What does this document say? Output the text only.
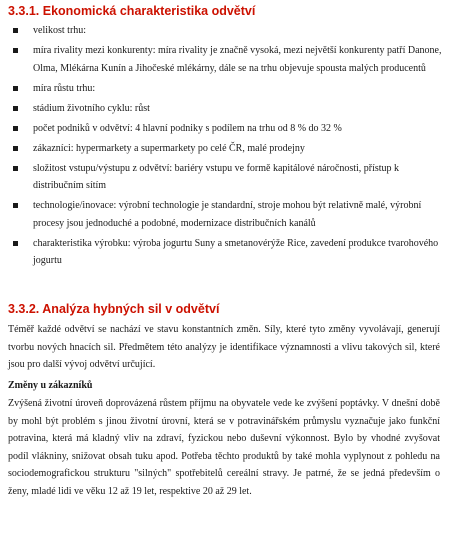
3.3.1. Ekonomická charakteristika odvětví
velikost trhu:
míra rivality mezi konkurenty: míra rivality je značně vysoká, mezi největší konkurenty patří Danone, Olma, Mlékárna Kunín a Jihočeské mlékárny, dále se na trhu objevuje spousta malých producentů
míra růstu trhu:
stádium životního cyklu: růst
počet podniků v odvětví: 4 hlavní podniky s podílem na trhu od 8 % do 32 %
zákazníci: hypermarkety a supermarkety po celé ČR, malé prodejny
složitost vstupu/výstupu z odvětví: bariéry vstupu ve formě kapitálové náročnosti, přístup k distribučním sítím
technologie/inovace: výrobní technologie je standardní, stroje mohou být relativně malé, výrobní procesy jsou jednoduché a podobné, modernizace distribučních kanálů
charakteristika výrobku: výroba jogurtu Suny a smetanovérýže Rice, zavedení produkce tvarohového jogurtu
3.3.2. Analýza hybných sil v odvětví

Téměř každé odvětví se nachází ve stavu konstantních změn. Síly, které tyto změny vyvolávají, generují tvorbu nových hnacích sil. Předmětem této analýzy je identifikace významnosti a vlivu takových sil, které jsou pro další vývoj odvětví určující.

Změny u zákazníků

Zvýšená životní úroveň doprovázená růstem příjmu na obyvatele vede ke zvýšení poptávky. V dnešní době by mohl být problém s jinou životní úrovní, která se v potravinářském průmyslu vyznačuje jako funkční potravina, která má kladný vliv na zdraví, fyzickou nebo duševní výkonnost. Bylo by vhodné zvyšovat podíl vlákniny, snižovat obsah tuku apod. Potřeba těchto produktů by také mohla vyplynout z pohledu na sociodemografickou strukturu "silných" spotřebitelů cereální stravy. Je patrné, že se jedná především o ženy, mladé lidi ve věku 12 až 19 let, respektive 20 až 29 let.
